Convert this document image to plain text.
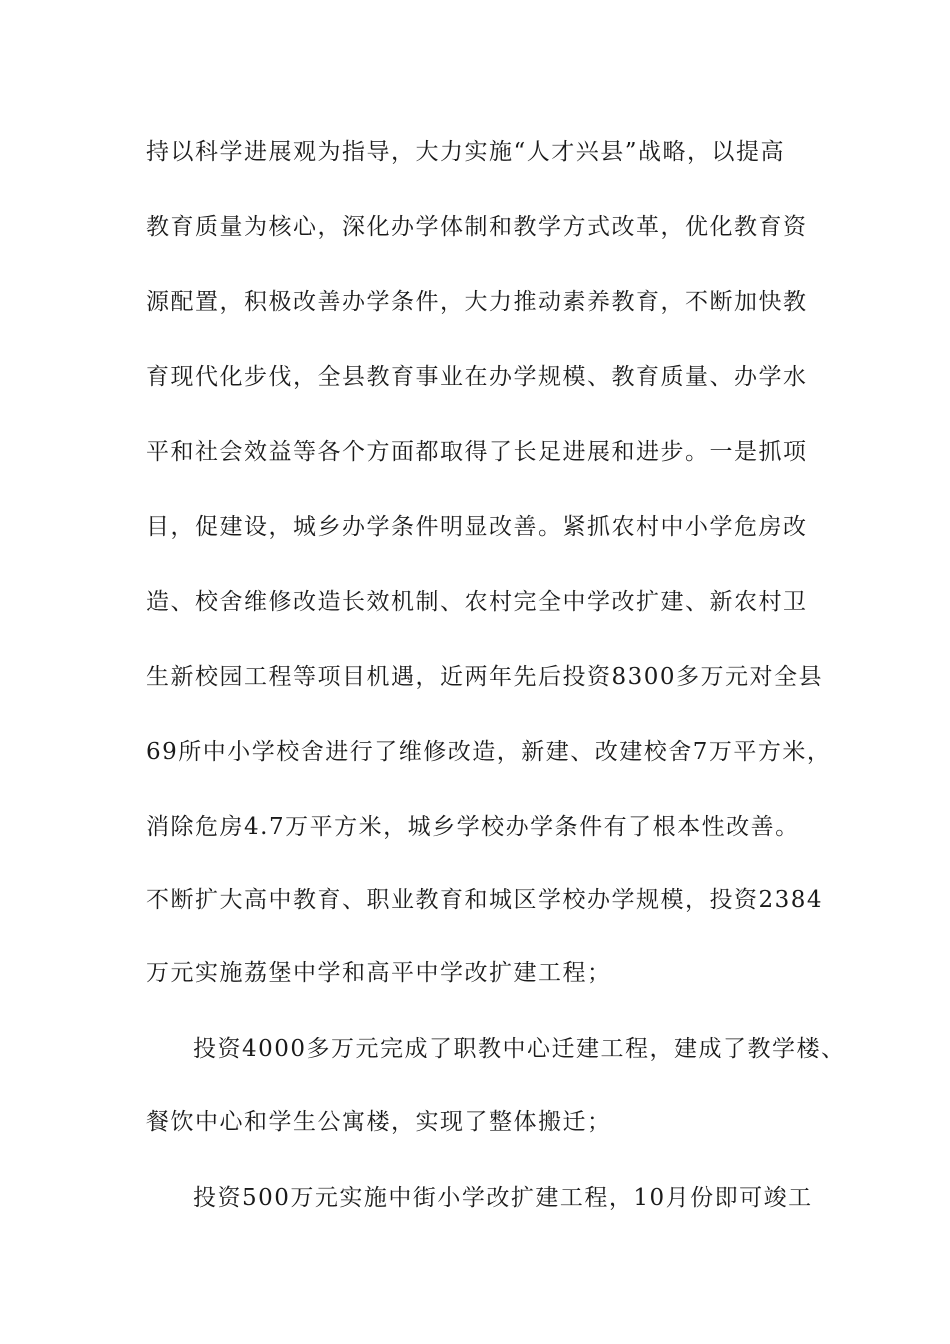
持以科学进展观为指导，大力实施“人才兴县”战略，以提高
教育质量为核心，深化办学体制和教学方式改革，优化教育资
源配置，积极改善办学条件，大力推动素养教育，不断加快教
育现代化步伐，全县教育事业在办学规模、教育质量、办学水
平和社会效益等各个方面都取得了长足进展和进步。一是抓项
目，促建设，城乡办学条件明显改善。紧抓农村中小学危房改
造、校舍维修改造长效机制、农村完全中学改扩建、新农村卫
生新校园工程等项目机遇，近两年先后投资8300多万元对全县
69所中小学校舍进行了维修改造，新建、改建校舍7万平方米，
消除危房4.7万平方米，城乡学校办学条件有了根本性改善。
不断扩大高中教育、职业教育和城区学校办学规模，投资2384
万元实施荔堡中学和高平中学改扩建工程；
投资4000多万元完成了职教中心迁建工程，建成了教学楼、
餐饮中心和学生公寓楼，实现了整体搬迁；
投资500万元实施中街小学改扩建工程，10月份即可竣工
